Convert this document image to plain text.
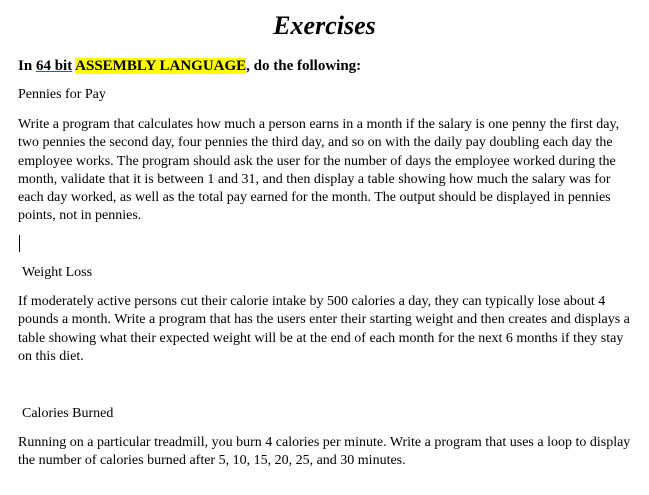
Exercises
In 64 bit ASSEMBLY LANGUAGE, do the following:
Pennies for Pay
Write a program that calculates how much a person earns in a month if the salary is one penny the first day, two pennies the second day, four pennies the third day, and so on with the daily pay doubling each day the employee works. The program should ask the user for the number of days the employee worked during the month, validate that it is between 1 and 31, and then display a table showing how much the salary was for each day worked, as well as the total pay earned for the month. The output should be displayed in pennies points, not in pennies.
Weight Loss
If moderately active persons cut their calorie intake by 500 calories a day, they can typically lose about 4 pounds a month. Write a program that has the users enter their starting weight and then creates and displays a table showing what their expected weight will be at the end of each month for the next 6 months if they stay on this diet.
Calories Burned
Running on a particular treadmill, you burn 4 calories per minute. Write a program that uses a loop to display the number of calories burned after 5, 10, 15, 20, 25, and 30 minutes.
